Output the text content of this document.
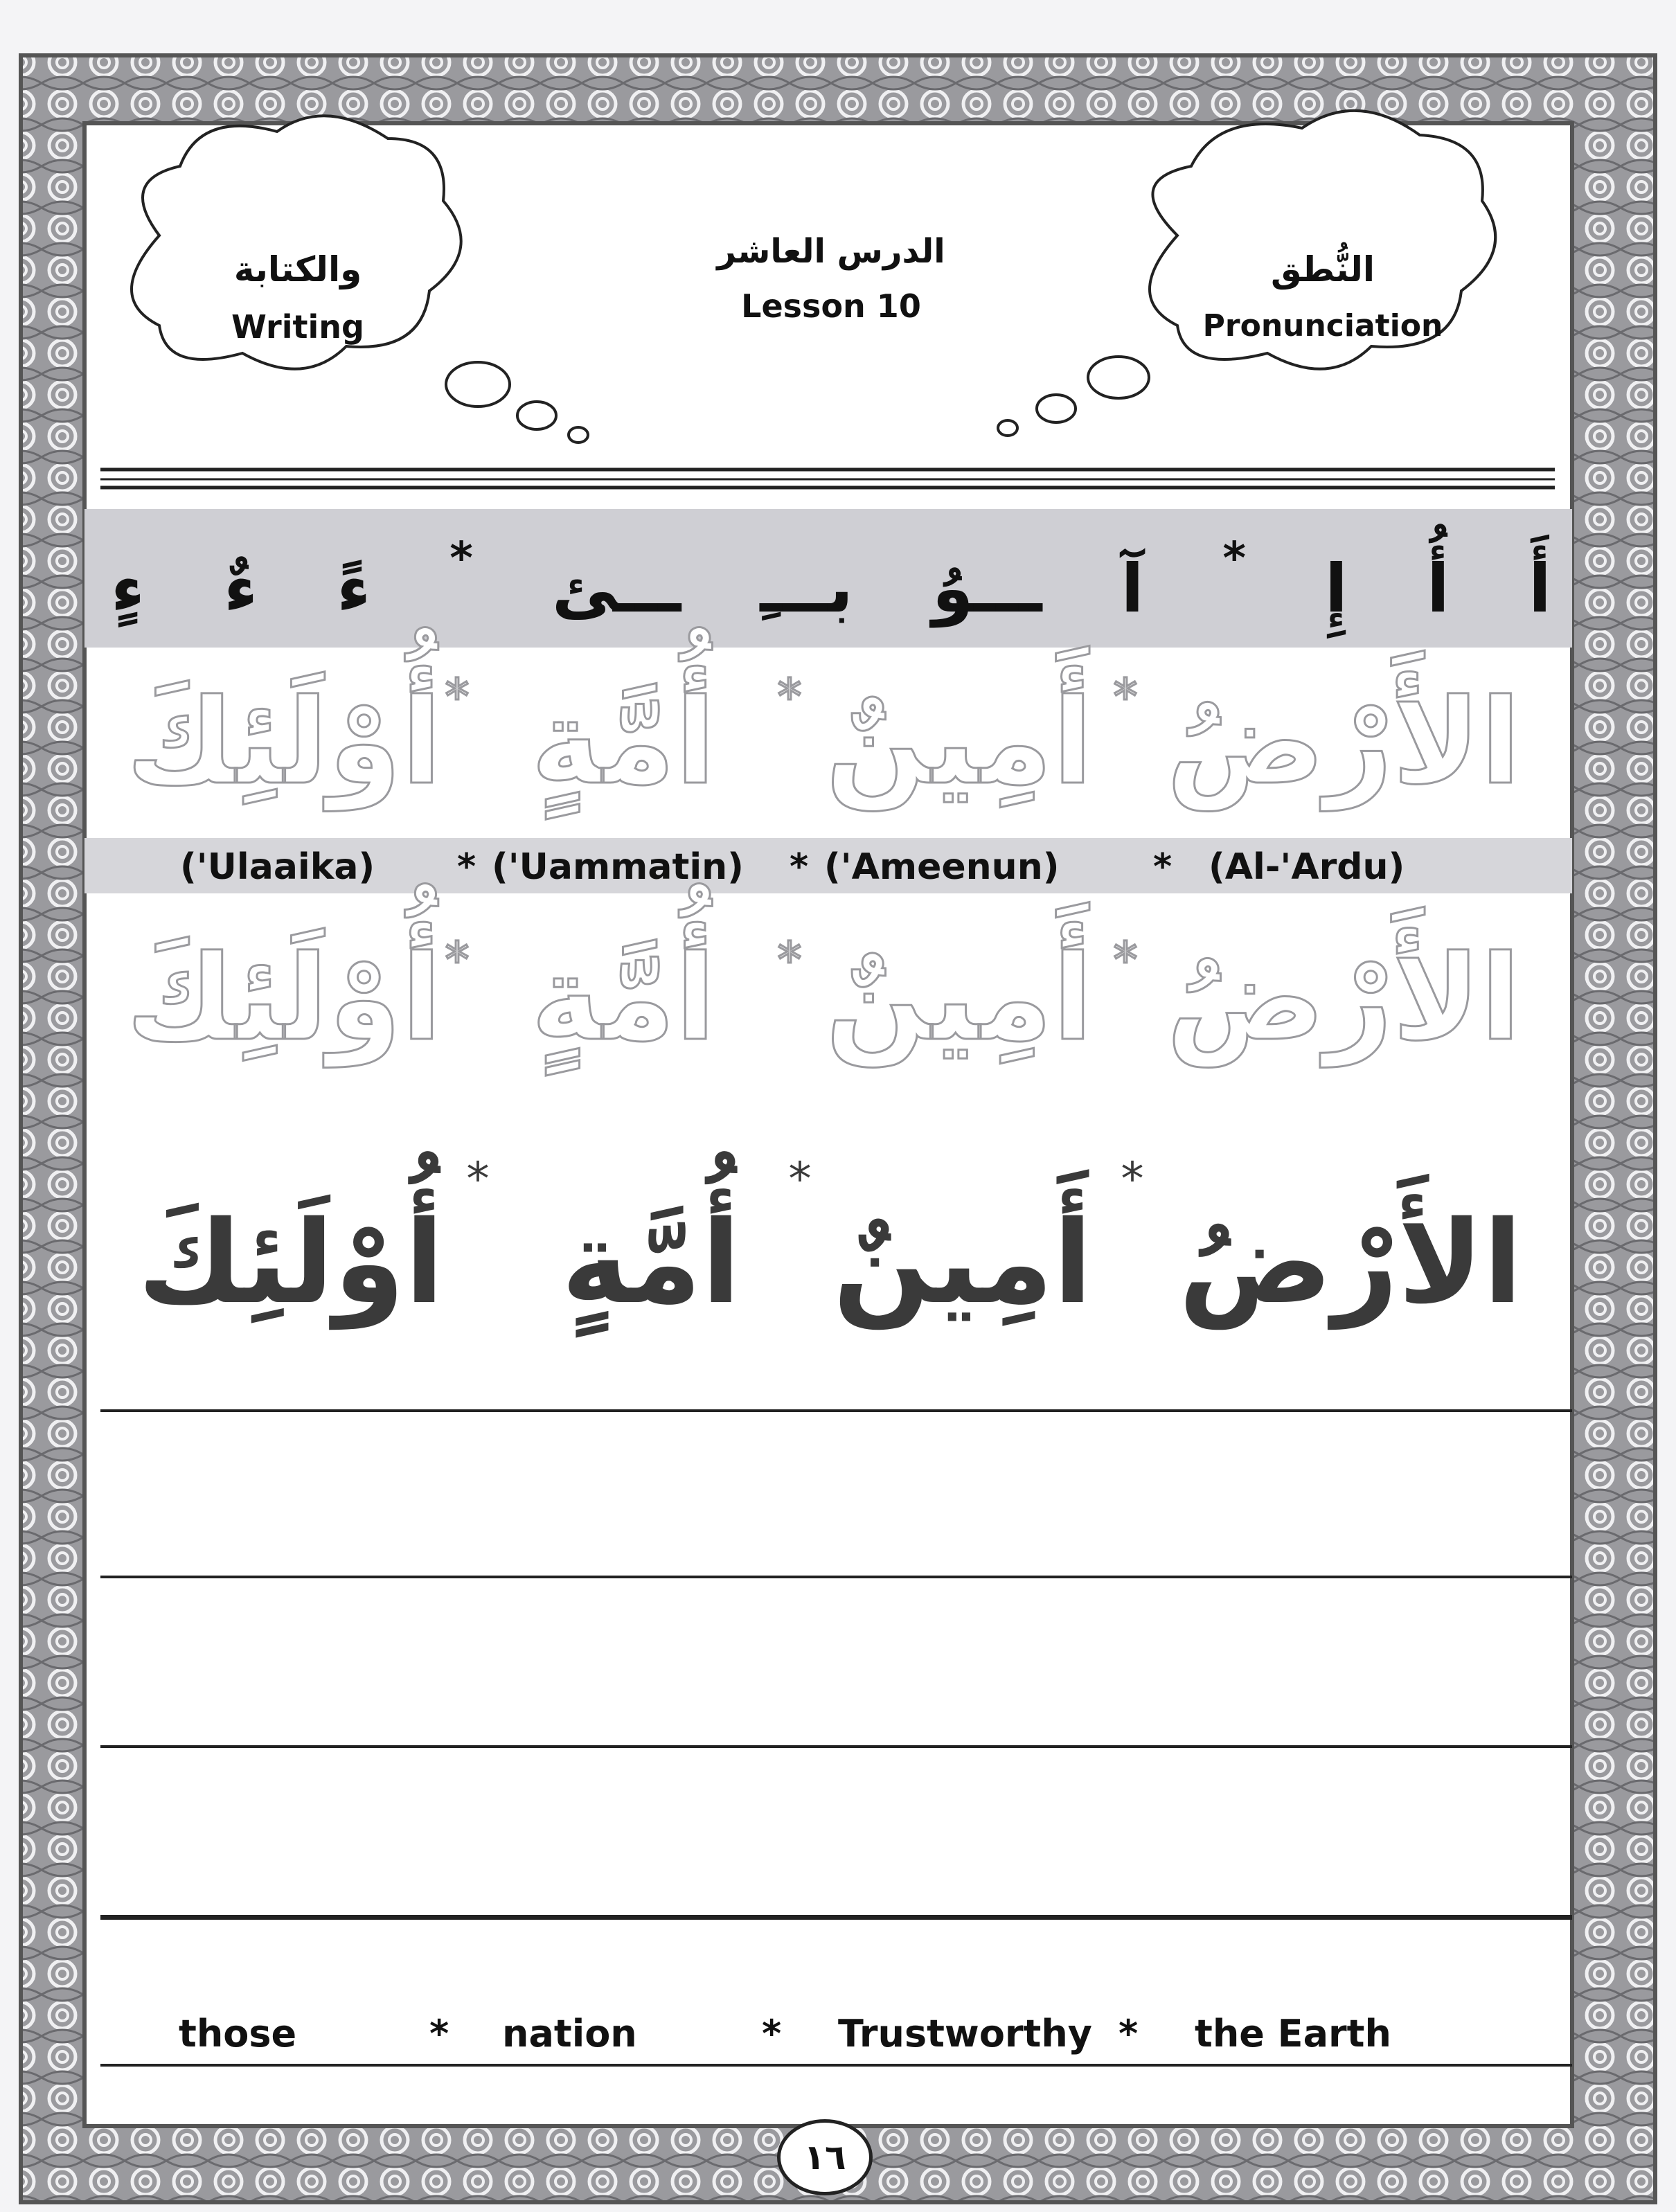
والكتابة
Writing
النُّطق
Pronunciation
الدرس العاشر
Lesson 10
أَ
أُ
إِ
*
آ
ـــوُ
بـــِ
ـــئ
*
ءً
ءٌ
ءٍ
الأَرْضُ
أَمِينٌ
أُمَّةٍ
أُوْلَئِكَ	*
*
*
الأَرْضُ
أَمِينٌ
أُمَّةٍ
أُوْلَئِكَ	*
*
*
الأَرْضُ
أَمِينٌ
أُمَّةٍ
أُوْلَئِكَ
*
*
*
('Ulaaika) * ('Uammatin) * ('Ameenun)	* (Al-'Ardu)
those	* nation	* Trustworthy * the Earth
١٦
